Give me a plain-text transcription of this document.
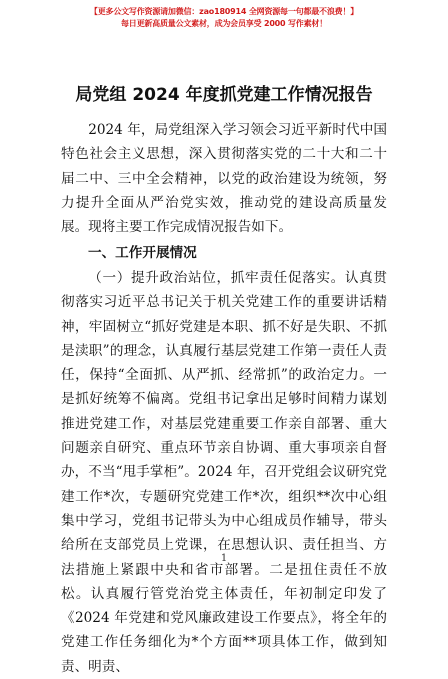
【更多公文写作资源请加微信：zao180914 全网资源每一句都最不浪费！】
每日更新高质量公文素材，成为会员享受 2000 写作素材！
局党组 2024 年度抓党建工作情况报告
2024 年，局党组深入学习领会习近平新时代中国特色社会主义思想，深入贯彻落实党的二十大和二十届二中、三中全会精神，以党的政治建设为统领，努力提升全面从严治党实效，推动党的建设高质量发展。现将主要工作完成情况报告如下。
一、工作开展情况
（一）提升政治站位，抓牢责任促落实。认真贯彻落实习近平总书记关于机关党建工作的重要讲话精神，牢固树立“抓好党建是本职、抓不好是失职、不抓是渎职”的理念，认真履行基层党建工作第一责任人责任，保持“全面抓、从严抓、经常抓”的政治定力。一是抓好统筹不偏离。党组书记拿出足够时间精力谋划推进党建工作，对基层党建重要工作亲自部署、重大问题亲自研究、重点环节亲自协调、重大事项亲自督办，不当“甩手掌柜”。2024 年，召开党组会议研究党建工作*次，专题研究党建工作*次，组织**次中心组集中学习，党组书记带头为中心组成员作辅导，带头给所在支部党员上党课，在思想认识、责任担当、方法措施上紧跟中央和省市部署。二是扭住责任不放松。认真履行管党治党主体责任，年初制定印发了《2024 年党建和党风廉政建设工作要点》，将全年的党建工作任务细化为*个方面**项具体工作，做到知责、明责、
1
